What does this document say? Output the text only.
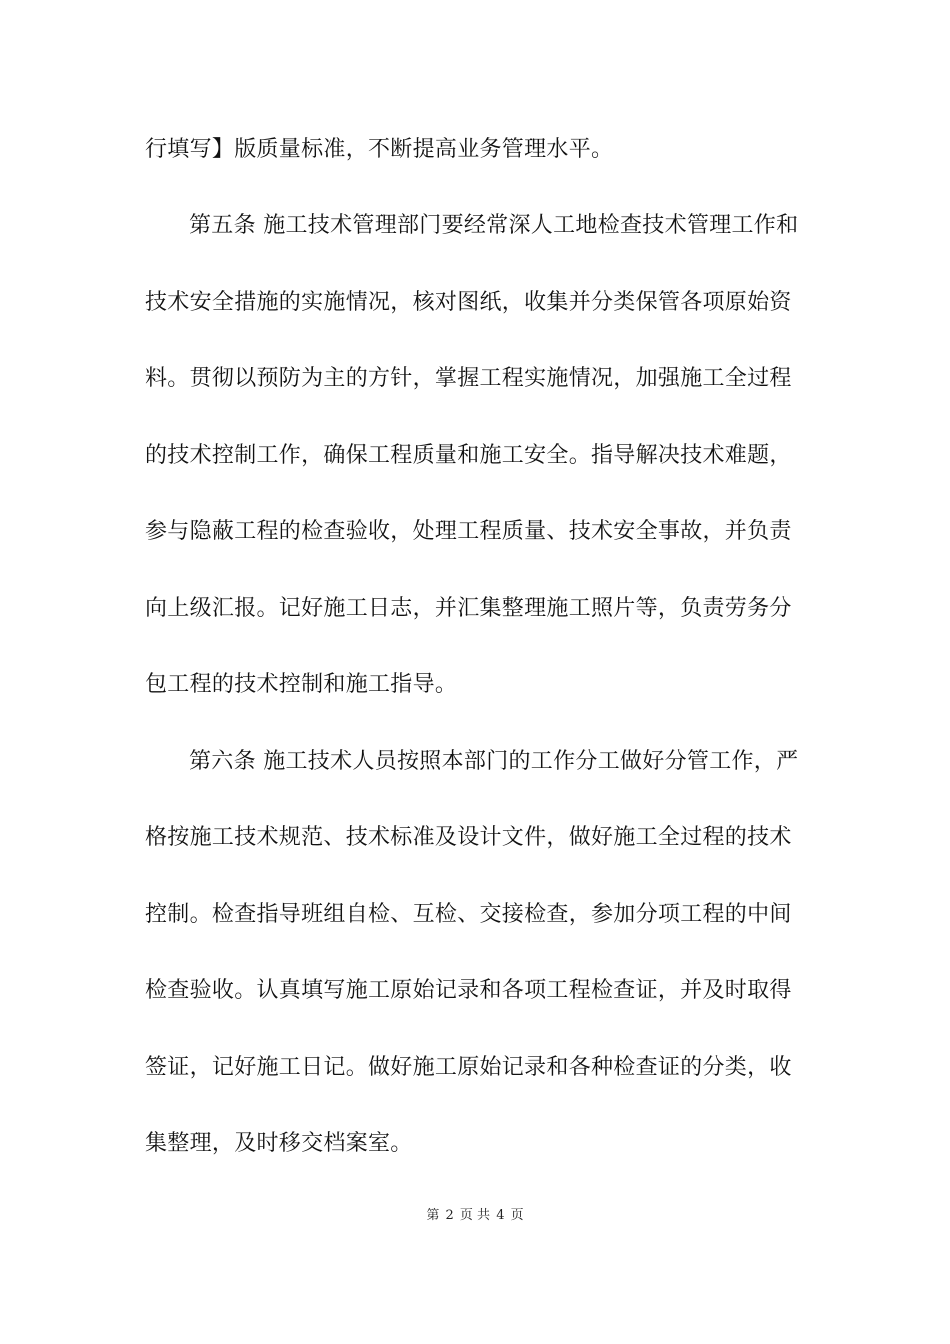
行填写】版质量标准，不断提高业务管理水平。
第五条 施工技术管理部门要经常深人工地检查技术管理工作和
技术安全措施的实施情况，核对图纸，收集并分类保管各项原始资
料。贯彻以预防为主的方针，掌握工程实施情况，加强施工全过程
的技术控制工作，确保工程质量和施工安全。指导解决技术难题，
参与隐蔽工程的检查验收，处理工程质量、技术安全事故，并负责
向上级汇报。记好施工日志，并汇集整理施工照片等，负责劳务分
包工程的技术控制和施工指导。
第六条 施工技术人员按照本部门的工作分工做好分管工作，严
格按施工技术规范、技术标准及设计文件，做好施工全过程的技术
控制。检查指导班组自检、互检、交接检查，参加分项工程的中间
检查验收。认真填写施工原始记录和各项工程检查证，并及时取得
签证，记好施工日记。做好施工原始记录和各种检查证的分类，收
集整理，及时移交档案室。
第 2 页 共 4 页
